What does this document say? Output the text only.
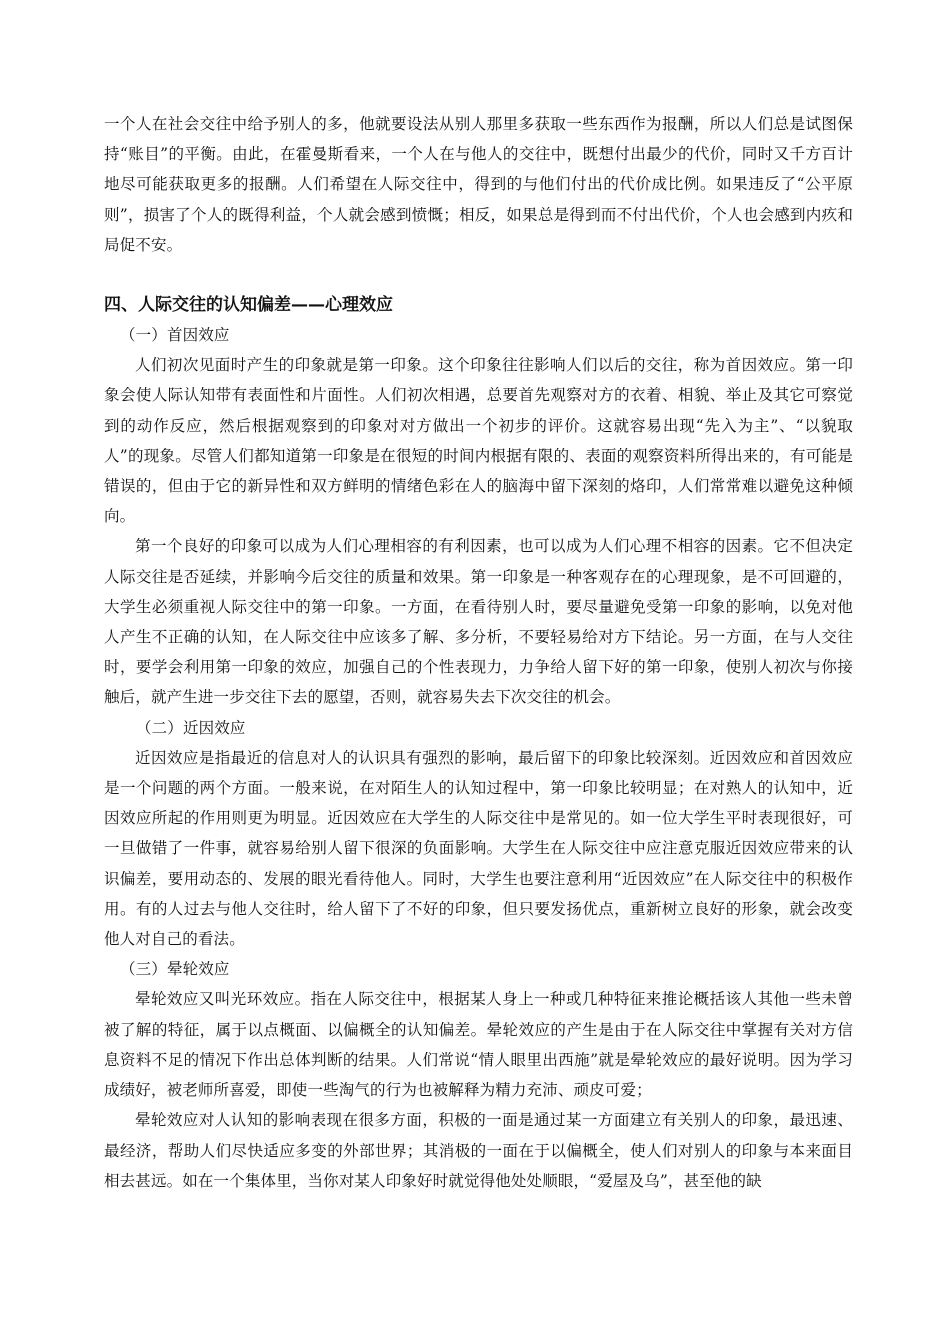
一个人在社会交往中给予别人的多，他就要设法从别人那里多获取一些东西作为报酬，所以人们总是试图保持“账目”的平衡。由此，在霍曼斯看来，一个人在与他人的交往中，既想付出最少的代价，同时又千方百计地尽可能获取更多的报酬。人们希望在人际交往中，得到的与他们付出的代价成比例。如果违反了“公平原则”，损害了个人的既得利益，个人就会感到愤慨；相反，如果总是得到而不付出代价，个人也会感到内疚和局促不安。

四、人际交往的认知偏差——心理效应

（一）首因效应

人们初次见面时产生的印象就是第一印象。这个印象往往影响人们以后的交往，称为首因效应。第一印象会使人际认知带有表面性和片面性。人们初次相遇，总要首先观察对方的衣着、相貌、举止及其它可察觉到的动作反应，然后根据观察到的印象对对方做出一个初步的评价。这就容易出现“先入为主”、“以貌取人”的现象。尽管人们都知道第一印象是在很短的时间内根据有限的、表面的观察资料所得出来的，有可能是错误的，但由于它的新异性和双方鲜明的情绪色彩在人的脑海中留下深刻的烙印，人们常常难以避免这种倾向。

第一个良好的印象可以成为人们心理相容的有利因素，也可以成为人们心理不相容的因素。它不但决定人际交往是否延续，并影响今后交往的质量和效果。第一印象是一种客观存在的心理现象，是不可回避的，大学生必须重视人际交往中的第一印象。一方面，在看待别人时，要尽量避免受第一印象的影响，以免对他人产生不正确的认知，在人际交往中应该多了解、多分析，不要轻易给对方下结论。另一方面，在与人交往时，要学会利用第一印象的效应，加强自己的个性表现力，力争给人留下好的第一印象，使别人初次与你接触后，就产生进一步交往下去的愿望，否则，就容易失去下次交往的机会。

（二）近因效应

近因效应是指最近的信息对人的认识具有强烈的影响，最后留下的印象比较深刻。近因效应和首因效应是一个问题的两个方面。一般来说，在对陌生人的认知过程中，第一印象比较明显；在对熟人的认知中，近因效应所起的作用则更为明显。近因效应在大学生的人际交往中是常见的。如一位大学生平时表现很好，可一旦做错了一件事，就容易给别人留下很深的负面影响。大学生在人际交往中应注意克服近因效应带来的认识偏差，要用动态的、发展的眼光看待他人。同时，大学生也要注意利用“近因效应”在人际交往中的积极作用。有的人过去与他人交往时，给人留下了不好的印象，但只要发扬优点，重新树立良好的形象，就会改变他人对自己的看法。

（三）晕轮效应

晕轮效应又叫光环效应。指在人际交往中，根据某人身上一种或几种特征来推论概括该人其他一些未曾被了解的特征，属于以点概面、以偏概全的认知偏差。晕轮效应的产生是由于在人际交往中掌握有关对方信息资料不足的情况下作出总体判断的结果。人们常说“情人眼里出西施”就是晕轮效应的最好说明。因为学习成绩好，被老师所喜爱，即使一些淘气的行为也被解释为精力充沛、顽皮可爱；

晕轮效应对人认知的影响表现在很多方面，积极的一面是通过某一方面建立有关别人的印象，最迅速、最经济，帮助人们尽快适应多变的外部世界；其消极的一面在于以偏概全，使人们对别人的印象与本来面目相去甚远。如在一个集体里，当你对某人印象好时就觉得他处处顺眼，“爱屋及乌”，甚至他的缺
